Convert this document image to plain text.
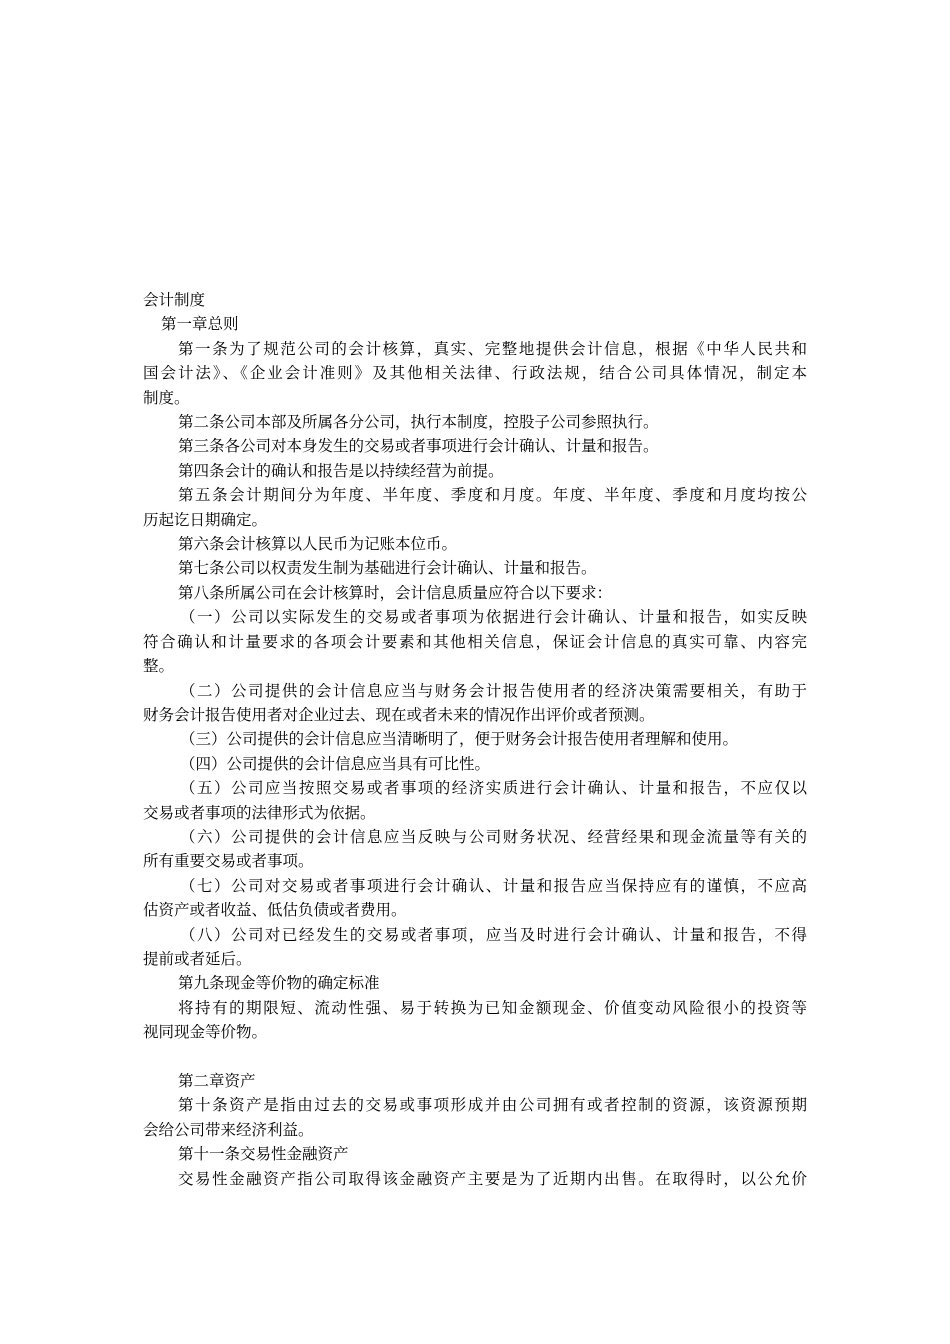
会计制度
第一章总则
第一条为了规范公司的会计核算，真实、完整地提供会计信息，根据《中华人民共和
国会计法》、《企业会计准则》及其他相关法律、行政法规，结合公司具体情况，制定本
制度。
第二条公司本部及所属各分公司，执行本制度，控股子公司参照执行。
第三条各公司对本身发生的交易或者事项进行会计确认、计量和报告。
第四条会计的确认和报告是以持续经营为前提。
第五条会计期间分为年度、半年度、季度和月度。年度、半年度、季度和月度均按公
历起讫日期确定。
第六条会计核算以人民币为记账本位币。
第七条公司以权责发生制为基础进行会计确认、计量和报告。
第八条所属公司在会计核算时，会计信息质量应符合以下要求：
（一）公司以实际发生的交易或者事项为依据进行会计确认、计量和报告，如实反映
符合确认和计量要求的各项会计要素和其他相关信息，保证会计信息的真实可靠、内容完
整。
（二）公司提供的会计信息应当与财务会计报告使用者的经济决策需要相关，有助于
财务会计报告使用者对企业过去、现在或者未来的情况作出评价或者预测。
（三）公司提供的会计信息应当清晰明了，便于财务会计报告使用者理解和使用。
（四）公司提供的会计信息应当具有可比性。
（五）公司应当按照交易或者事项的经济实质进行会计确认、计量和报告，不应仅以
交易或者事项的法律形式为依据。
（六）公司提供的会计信息应当反映与公司财务状况、经营经果和现金流量等有关的
所有重要交易或者事项。
（七）公司对交易或者事项进行会计确认、计量和报告应当保持应有的谨慎，不应高
估资产或者收益、低估负债或者费用。
（八）公司对已经发生的交易或者事项，应当及时进行会计确认、计量和报告，不得
提前或者延后。
第九条现金等价物的确定标准
将持有的期限短、流动性强、易于转换为已知金额现金、价值变动风险很小的投资等
视同现金等价物。
第二章资产
第十条资产是指由过去的交易或事项形成并由公司拥有或者控制的资源，该资源预期
会给公司带来经济利益。
第十一条交易性金融资产
交易性金融资产指公司取得该金融资产主要是为了近期内出售。在取得时，以公允价
